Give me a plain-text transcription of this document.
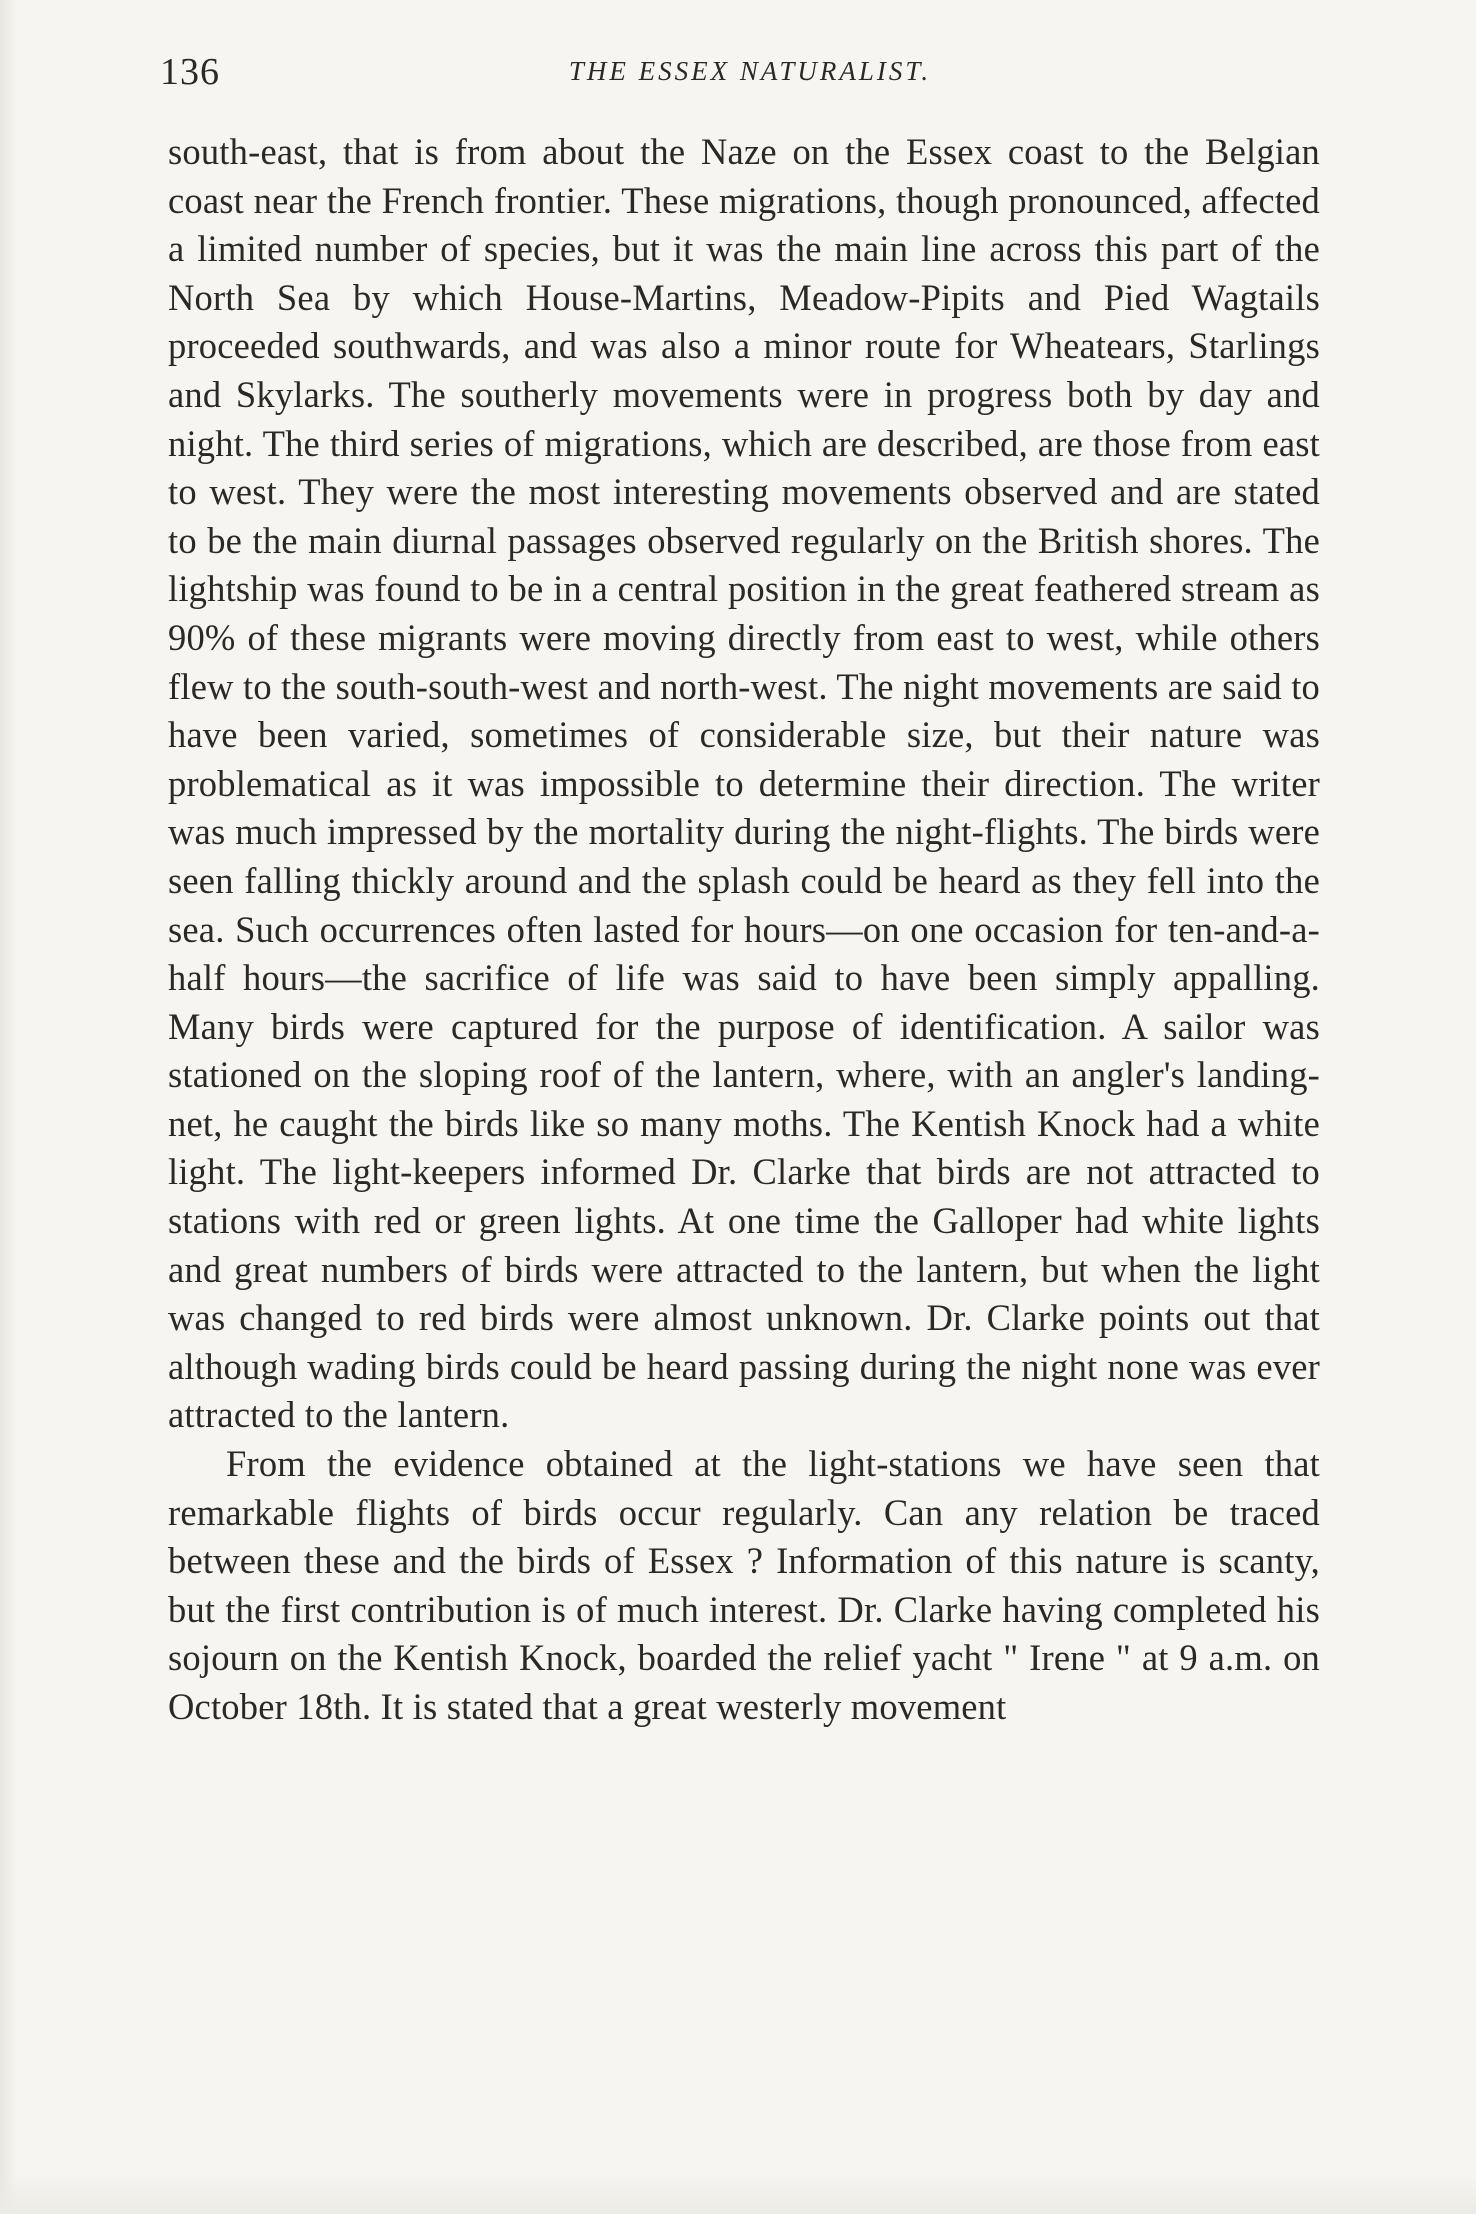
136	THE ESSEX NATURALIST.

south-east, that is from about the Naze on the Essex coast to the Belgian coast near the French frontier. These migrations, though pronounced, affected a limited number of species, but it was the main line across this part of the North Sea by which House-Martins, Meadow-Pipits and Pied Wagtails proceeded southwards, and was also a minor route for Wheatears, Starlings and Skylarks. The southerly movements were in progress both by day and night. The third series of migrations, which are described, are those from east to west. They were the most interesting movements observed and are stated to be the main diurnal passages observed regularly on the British shores. The lightship was found to be in a central position in the great feathered stream as 90% of these migrants were moving directly from east to west, while others flew to the south-south-west and north-west. The night movements are said to have been varied, sometimes of considerable size, but their nature was problematical as it was impossible to determine their direction. The writer was much impressed by the mortality during the night-flights. The birds were seen falling thickly around and the splash could be heard as they fell into the sea. Such occurrences often lasted for hours—on one occasion for ten-and-a-half hours—the sacrifice of life was said to have been simply appalling. Many birds were captured for the purpose of identification. A sailor was stationed on the sloping roof of the lantern, where, with an angler's landing-net, he caught the birds like so many moths. The Kentish Knock had a white light. The light-keepers informed Dr. Clarke that birds are not attracted to stations with red or green lights. At one time the Galloper had white lights and great numbers of birds were attracted to the lantern, but when the light was changed to red birds were almost unknown. Dr. Clarke points out that although wading birds could be heard passing during the night none was ever attracted to the lantern.

From the evidence obtained at the light-stations we have seen that remarkable flights of birds occur regularly. Can any relation be traced between these and the birds of Essex ? Information of this nature is scanty, but the first contribution is of much interest. Dr. Clarke having completed his sojourn on the Kentish Knock, boarded the relief yacht " Irene " at 9 a.m. on October 18th. It is stated that a great westerly movement
